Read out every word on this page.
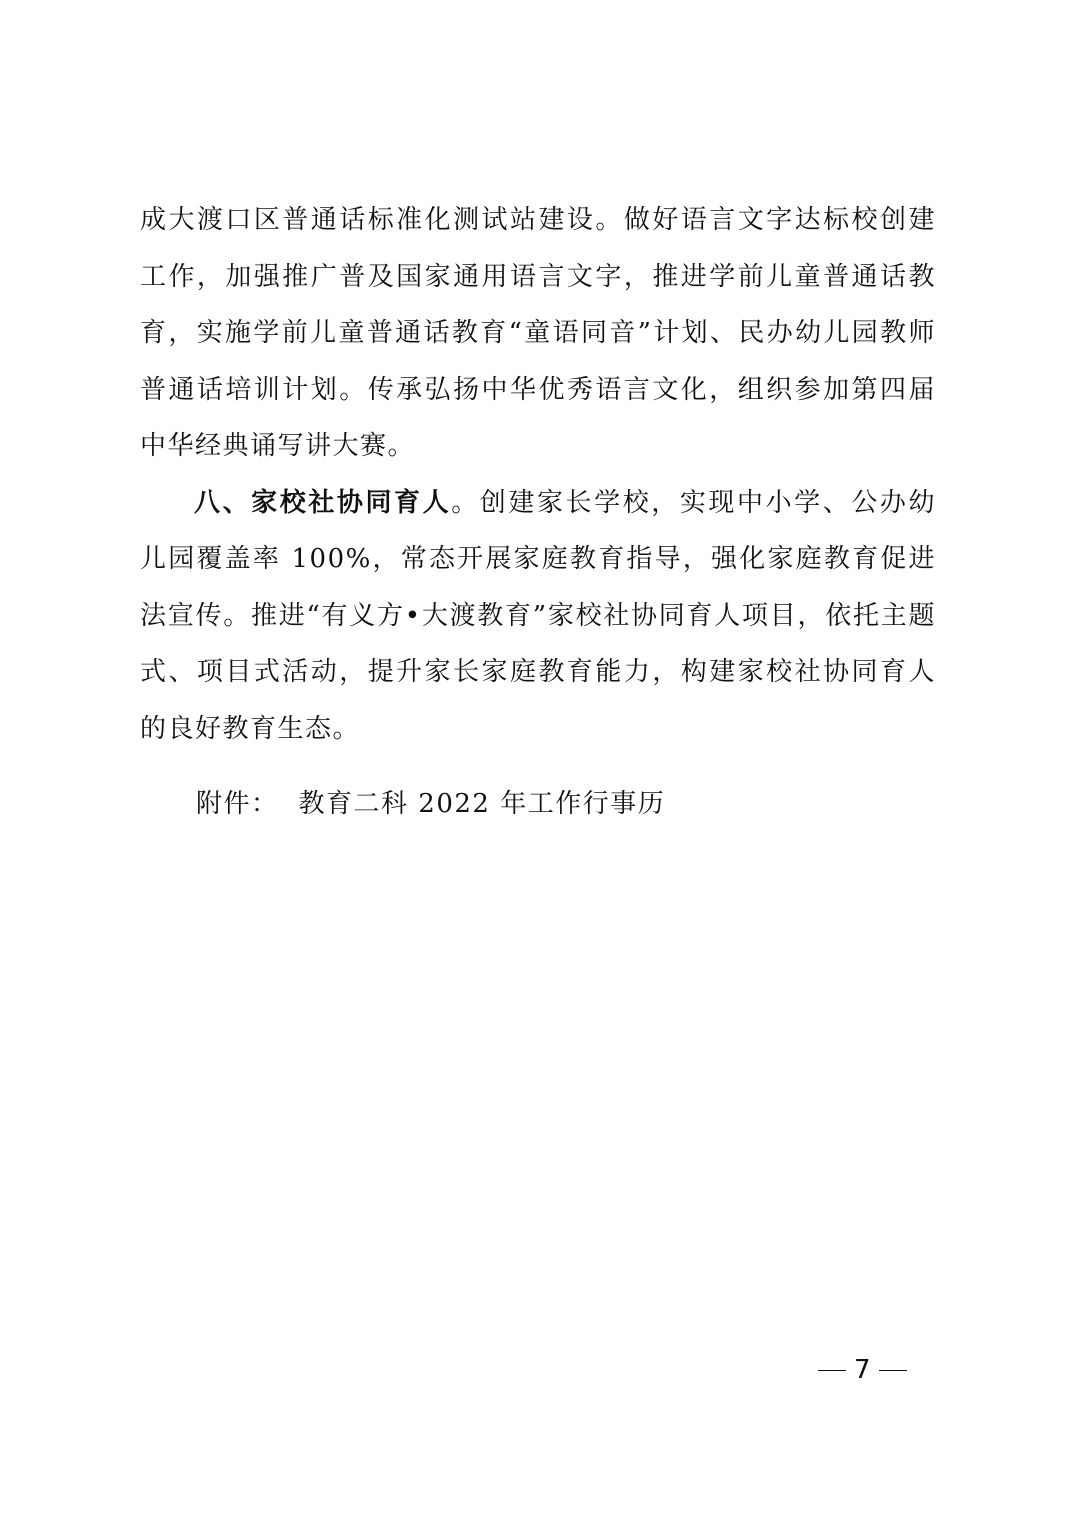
成大渡口区普通话标准化测试站建设。做好语言文字达标校创建工作，加强推广普及国家通用语言文字，推进学前儿童普通话教育，实施学前儿童普通话教育“童语同音”计划、民办幼儿园教师普通话培训计划。传承弘扬中华优秀语言文化，组织参加第四届中华经典诵写讲大赛。

八、家校社协同育人。创建家长学校，实现中小学、公办幼儿园覆盖率 100%，常态开展家庭教育指导，强化家庭教育促进法宣传。推进“有义方•大渡教育”家校社协同育人项目，依托主题式、项目式活动，提升家长家庭教育能力，构建家校社协同育人的良好教育生态。

附件： 教育二科 2022 年工作行事历
7
